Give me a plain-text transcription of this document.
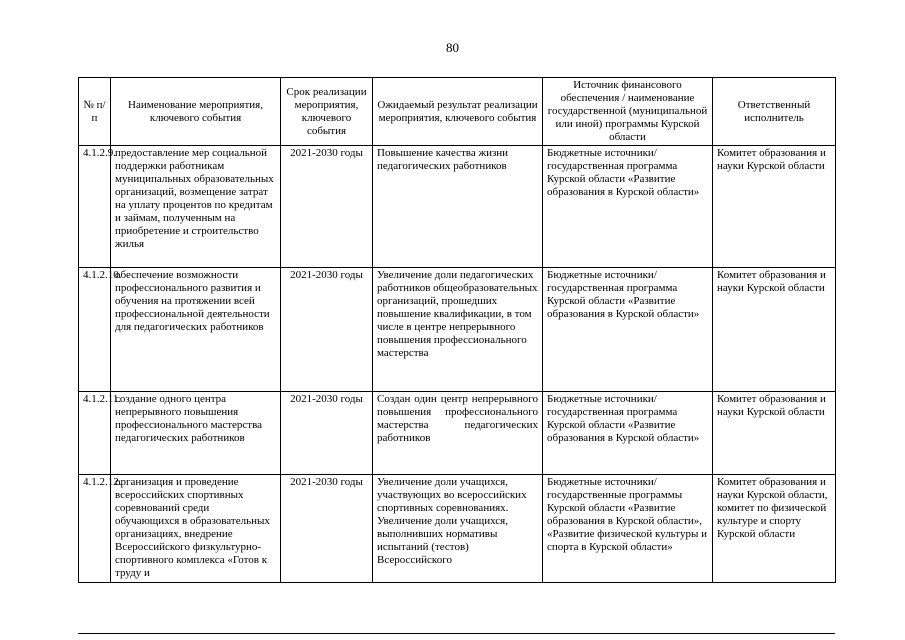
80
№ п/п	Наименование мероприятия, ключевого события	Срок реализации мероприятия, ключевого события	Ожидаемый результат реализации мероприятия, ключевого события	Источник финансового обеспечения / наименование государственной (муниципальной или иной) программы Курской области	Ответственный исполнитель
4.1.2.9.	предоставление мер социальной поддержки работникам муниципальных образовательных организаций, возмещение затрат на уплату процентов по кредитам и займам, полученным на приобретение и строительство жилья	2021-2030 годы	Повышение качества жизни педагогических работников	Бюджетные источники/государственная программа Курской области «Развитие образования в Курской области»	Комитет образования и науки Курской области
4.1.2.10.	обеспечение возможности профессионального развития и обучения на протяжении всей профессиональной деятельности для педагогических работников	2021-2030 годы	Увеличение доли педагогических работников общеобразовательных организаций, прошедших повышение квалификации, в том числе в центре непрерывного повышения профессионального мастерства	Бюджетные источники/государственная программа Курской области «Развитие образования в Курской области»	Комитет образования и науки Курской области
4.1.2.11.	создание одного центра непрерывного повышения профессионального мастерства педагогических работников	2021-2030 годы	Создан один центр непрерывного повышения профессионального мастерства педагогических работников	Бюджетные источники/государственная программа Курской области «Развитие образования в Курской области»	Комитет образования и науки Курской области
4.1.2.12.	организация и проведение всероссийских спортивных соревнований среди обучающихся в образовательных организациях, внедрение Всероссийского физкультурно-спортивного комплекса «Готов к труду и	2021-2030 годы	Увеличение доли учащихся, участвующих во всероссийских спортивных соревнованиях. Увеличение доли учащихся, выполнивших нормативы испытаний (тестов) Всероссийского	Бюджетные источники/государственные программы Курской области «Развитие образования в Курской области», «Развитие физической культуры и спорта в Курской области»	Комитет образования и науки Курской области, комитет по физической культуре и спорту Курской области
